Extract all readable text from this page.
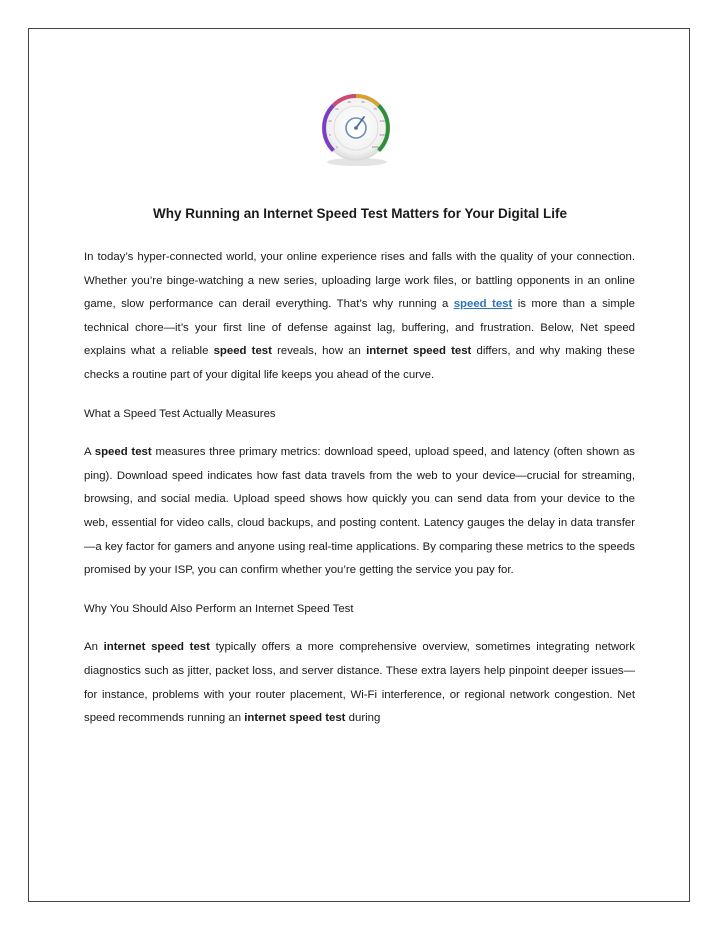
0
5
10
20
30	50
75
100
500
1000
Why Running an Internet Speed Test Matters for Your Digital Life

In today’s hyper-connected world, your online experience rises and falls with the quality of your connection. Whether you’re binge-watching a new series, uploading large work files, or battling opponents in an online game, slow performance can derail everything. That’s why running a speed test is more than a simple technical chore—it’s your first line of defense against lag, buffering, and frustration. Below, Net speed explains what a reliable speed test reveals, how an internet speed test differs, and why making these checks a routine part of your digital life keeps you ahead of the curve.

What a Speed Test Actually Measures

A speed test measures three primary metrics: download speed, upload speed, and latency (often shown as ping). Download speed indicates how fast data travels from the web to your device—crucial for streaming, browsing, and social media. Upload speed shows how quickly you can send data from your device to the web, essential for video calls, cloud backups, and posting content. Latency gauges the delay in data transfer—a key factor for gamers and anyone using real-time applications. By comparing these metrics to the speeds promised by your ISP, you can confirm whether you’re getting the service you pay for.

Why You Should Also Perform an Internet Speed Test

An internet speed test typically offers a more comprehensive overview, sometimes integrating network diagnostics such as jitter, packet loss, and server distance. These extra layers help pinpoint deeper issues—for instance, problems with your router placement, Wi-Fi interference, or regional network congestion. Net speed recommends running an internet speed test during
